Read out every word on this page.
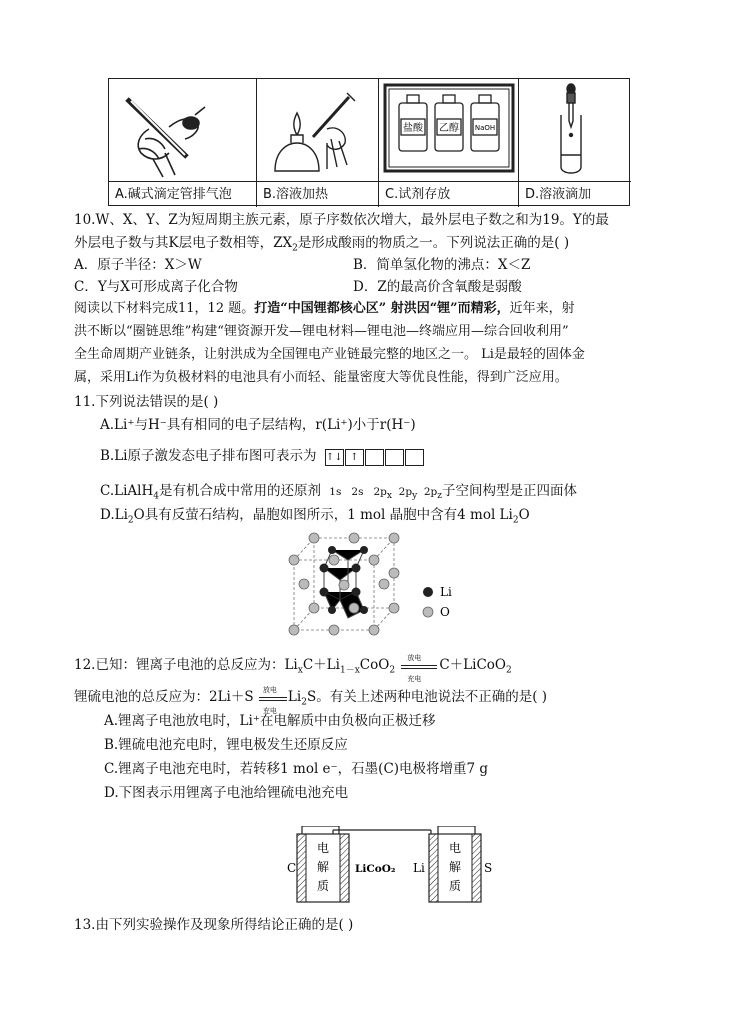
A.碱式滴定管排气泡	B.溶液加热
盐酸 乙醇 NaOH
C.试剂存放	D.溶液滴加
10.W、X、Y、Z为短周期主族元素，原子序数依次增大，最外层电子数之和为19。Y的最
外层电子数与其K层电子数相等，$ZX_2$是形成酸雨的物质之一。下列说法正确的是( )
A．原子半径：X＞W	B．简单氢化物的沸点：X＜Z
C．Y与X可形成离子化合物	D．Z的最高价含氧酸是弱酸
阅读以下材料完成11，12 题。打造“中国锂都核心区” 射洪因“锂”而精彩，近年来，射
洪不断以“圈链思维”构建“锂资源开发—锂电材料—锂电池—终端应用—综合回收利用”
全生命周期产业链条，让射洪成为全国锂电产业链最完整的地区之一。 Li是最轻的固体金
属，采用Li作为负极材料的电池具有小而轻、能量密度大等优良性能，得到广泛应用。
11.下列说法错误的是( )
A.Li⁺与H⁻具有相同的电子层结构，r(Li⁺)小于r(H⁻)
B.Li原子激发态电子排布图可表示为 ↑↓ ↑
C.LiAlH$_4$是有机合成中常用的还原剂 1s 2s $2p_x$ $2p_y$ $2p_z$子空间构型是正四面体
$D.Li_2O$具有反萤石结构，晶胞如图所示，1 mol 晶胞中含有4 mol $Li_2O$
Li
O
12.已知：锂离子电池的总反应为：$Li_xC+Li_{1-x}CoO_2$
放电
充电
C＋LiCoO$_2$
锂硫电池的总反应为：2Li＋S 放电
充电
$Li_2S$。有关上述两种电池说法不正确的是( )
A.锂离子电池放电时，Li⁺在电解质中由负极向正极迁移
B.锂硫电池充电时，锂电极发生还原反应
C.锂离子电池充电时，若转移1 mol e⁻，石墨(C)电极将增重7 g
D.下图表示用锂离子电池给锂硫电池充电
C
电
解
质
LiCoO₂ Li
电
解
质
S
13.由下列实验操作及现象所得结论正确的是( )
